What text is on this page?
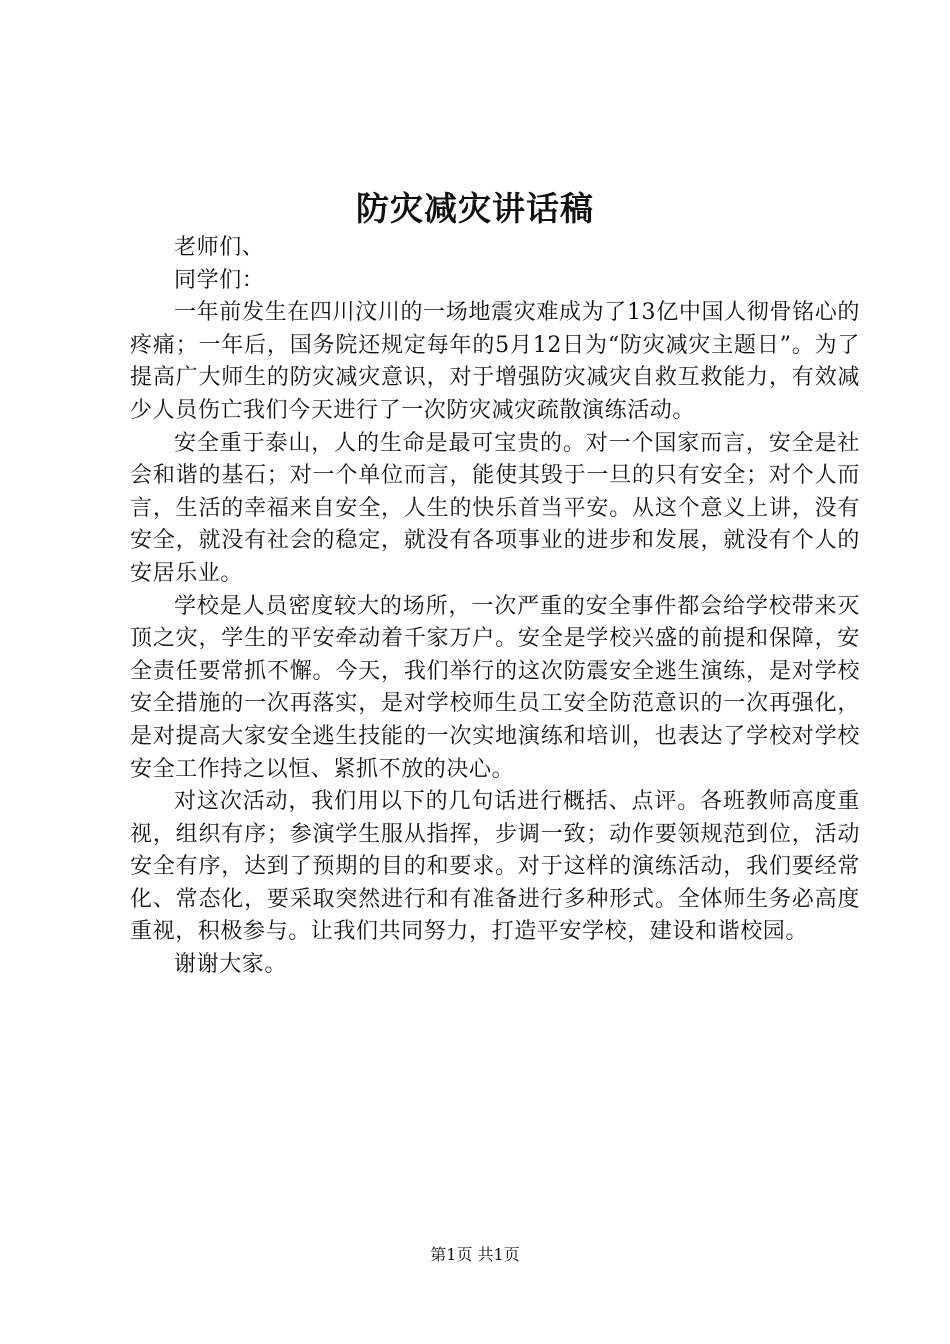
防灾减灾讲话稿

老师们、

同学们：

一年前发生在四川汶川的一场地震灾难成为了13亿中国人彻骨铭心的疼痛；一年后，国务院还规定每年的5月12日为“防灾减灾主题日”。为了提高广大师生的防灾减灾意识，对于增强防灾减灾自救互救能力，有效减少人员伤亡我们今天进行了一次防灾减灾疏散演练活动。

安全重于泰山，人的生命是最可宝贵的。对一个国家而言，安全是社会和谐的基石；对一个单位而言，能使其毁于一旦的只有安全；对个人而言，生活的幸福来自安全，人生的快乐首当平安。从这个意义上讲，没有安全，就没有社会的稳定，就没有各项事业的进步和发展，就没有个人的安居乐业。

学校是人员密度较大的场所，一次严重的安全事件都会给学校带来灭顶之灾，学生的平安牵动着千家万户。安全是学校兴盛的前提和保障，安全责任要常抓不懈。今天，我们举行的这次防震安全逃生演练，是对学校安全措施的一次再落实，是对学校师生员工安全防范意识的一次再强化，是对提高大家安全逃生技能的一次实地演练和培训，也表达了学校对学校安全工作持之以恒、紧抓不放的决心。

对这次活动，我们用以下的几句话进行概括、点评。各班教师高度重视，组织有序；参演学生服从指挥，步调一致；动作要领规范到位，活动安全有序，达到了预期的目的和要求。对于这样的演练活动，我们要经常化、常态化，要采取突然进行和有准备进行多种形式。全体师生务必高度重视，积极参与。让我们共同努力，打造平安学校，建设和谐校园。

谢谢大家。

第1页 共1页
